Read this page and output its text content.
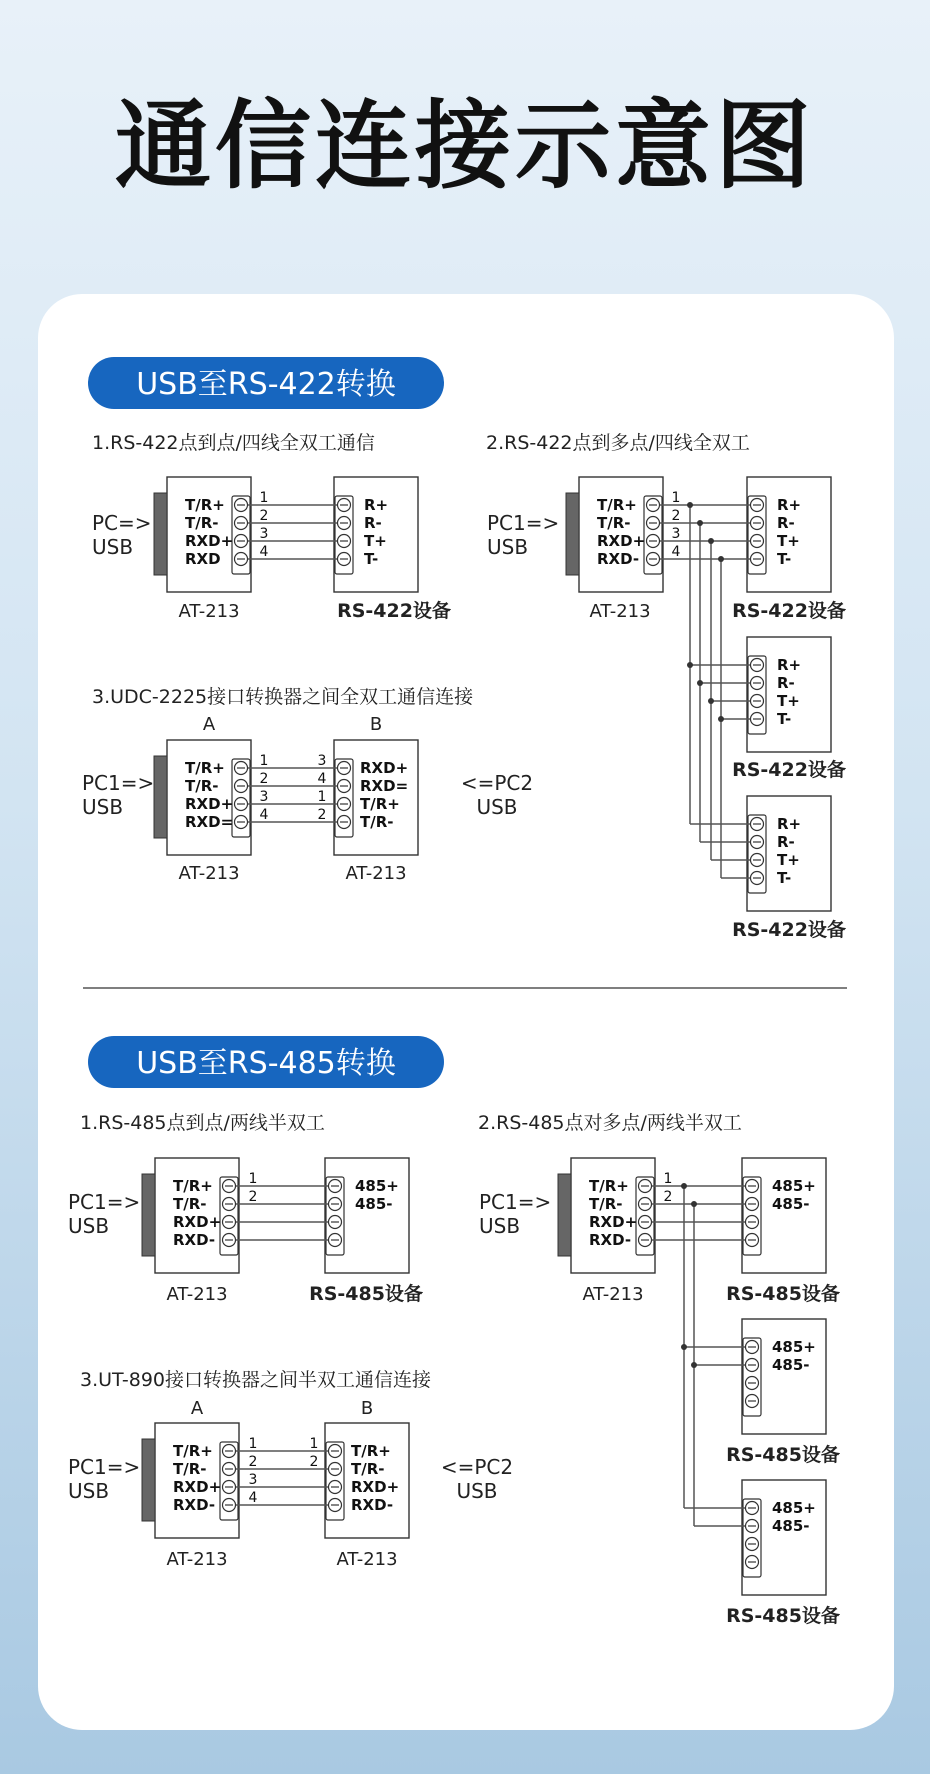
通信连接示意图
USB至RS-422转换
1.RS-422点到点/四线全双工通信	2.RS-422点到多点/四线全双工
3.UDC-2225接口转换器之间全双工通信连接
USB至RS-485转换
1.RS-485点到点/两线半双工	2.RS-485点对多点/两线半双工
3.UT-890接口转换器之间半双工通信连接
T/R+
T/R-
RXD+
RXD
R+
R-
T+
T-
1
2
3
4
PC=>
USB
AT-213	RS-422设备
T/R+
T/R-
RXD+
RXD-
R+
R-
T+
T-
R+
R-
T+
T-
R+
R-
T+
T-
1
2
3
4
PC1=>
USB
AT-213	RS-422设备
RS-422设备
RS-422设备
T/R+
T/R-
RXD+
RXD=
RXD+
RXD=
T/R+
T/R-
1
2
3
4
3
4
1
2
PC1=>
USB
<=PC2
USB
A	B
AT-213	AT-213
T/R+
T/R-
RXD+
RXD-
485+
485-
1
2
PC1=>
USB
AT-213	RS-485设备
T/R+
T/R-
RXD+
RXD-
485+
485-
485+
485-
485+
485-
1
2
PC1=>
USB
AT-213	RS-485设备
RS-485设备
RS-485设备
T/R+
T/R-
RXD+
RXD-
T/R+
T/R-
RXD+
RXD-
1
2
3
4
1
2
PC1=>
USB
<=PC2
USB
A	B
AT-213	AT-213
